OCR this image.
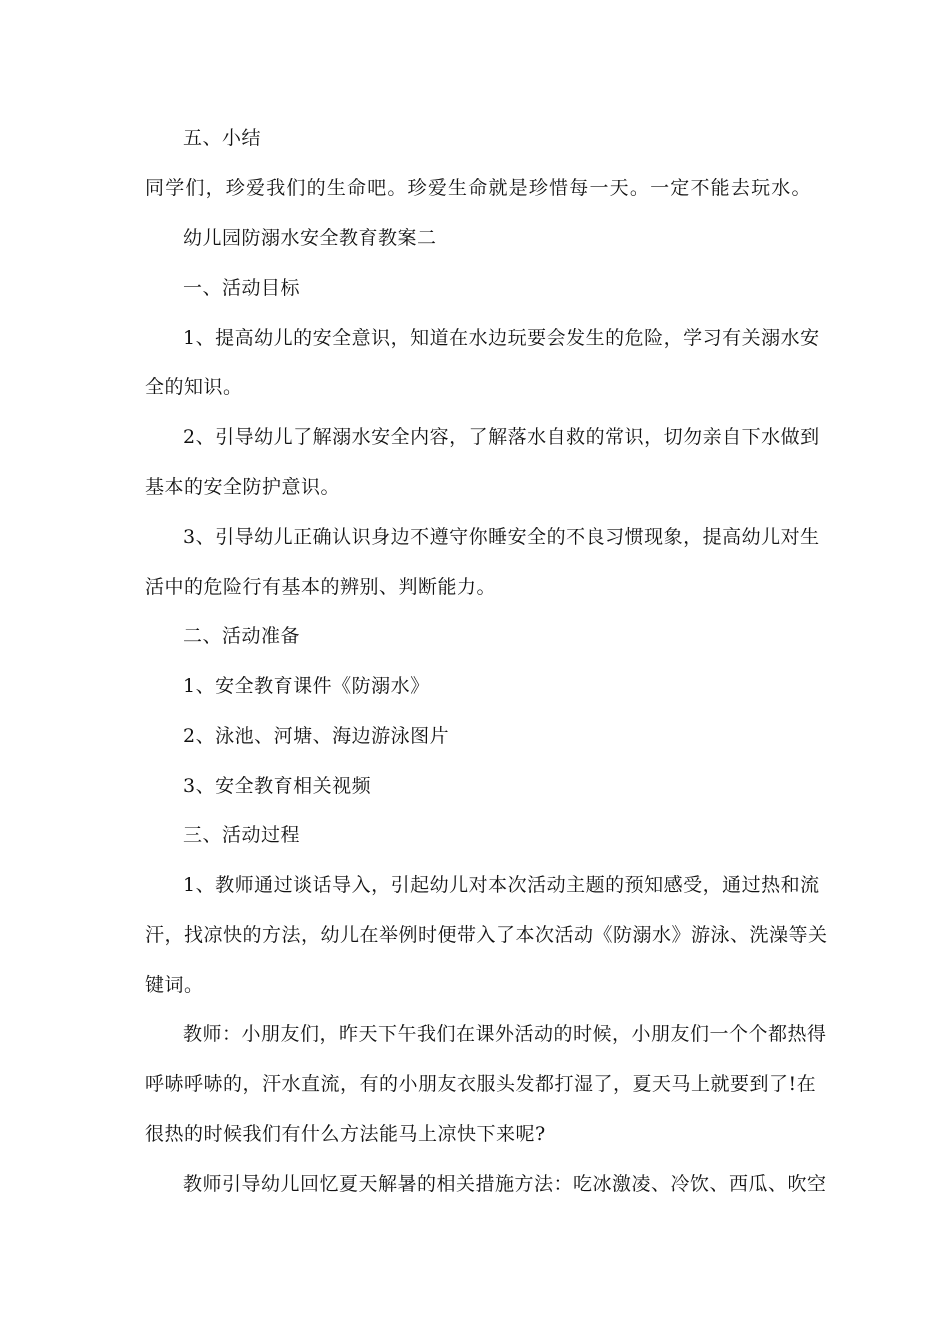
五、小结

同学们，珍爱我们的生命吧。珍爱生命就是珍惜每一天。一定不能去玩水。

幼儿园防溺水安全教育教案二

一、活动目标

1、提高幼儿的安全意识，知道在水边玩要会发生的危险，学习有关溺水安

全的知识。

2、引导幼儿了解溺水安全内容，了解落水自救的常识，切勿亲自下水做到

基本的安全防护意识。

3、引导幼儿正确认识身边不遵守你睡安全的不良习惯现象，提高幼儿对生

活中的危险行有基本的辨别、判断能力。

二、活动准备

1、安全教育课件《防溺水》

2、泳池、河塘、海边游泳图片

3、安全教育相关视频

三、活动过程

1、教师通过谈话导入，引起幼儿对本次活动主题的预知感受，通过热和流

汗，找凉快的方法，幼儿在举例时便带入了本次活动《防溺水》游泳、洗澡等关

键词。

教师：小朋友们，昨天下午我们在课外活动的时候，小朋友们一个个都热得

呼哧呼哧的，汗水直流，有的小朋友衣服头发都打湿了，夏天马上就要到了!在

很热的时候我们有什么方法能马上凉快下来呢?

教师引导幼儿回忆夏天解暑的相关措施方法：吃冰激凌、冷饮、西瓜、吹空
